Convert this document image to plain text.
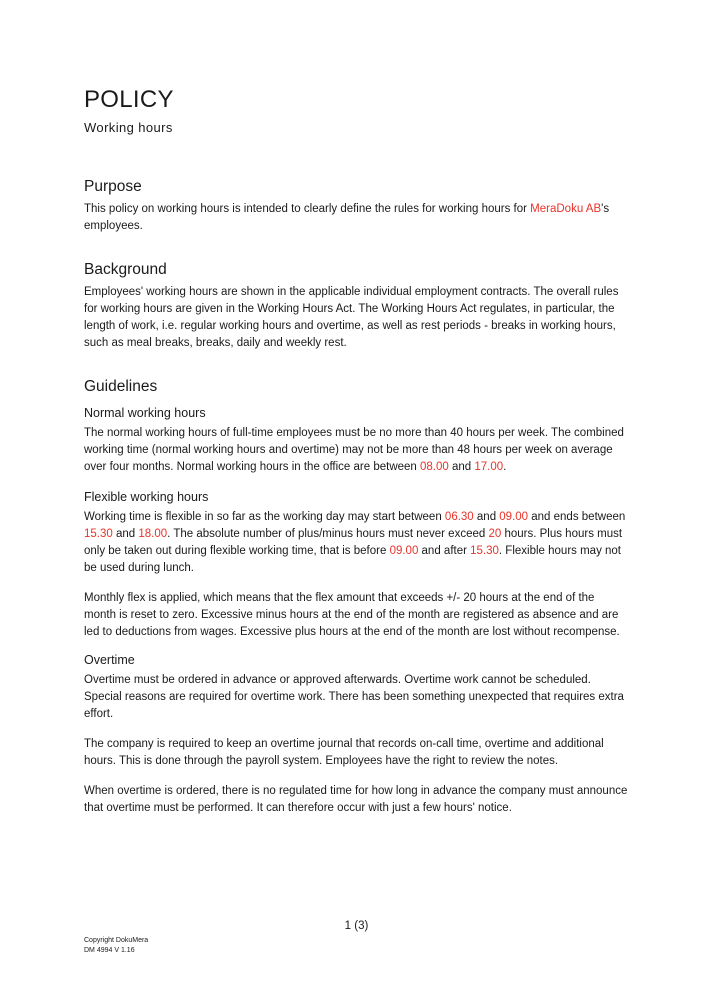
POLICY
Working hours
Purpose

This policy on working hours is intended to clearly define the rules for working hours for MeraDoku AB's employees.

Background

Employees' working hours are shown in the applicable individual employment contracts. The overall rules for working hours are given in the Working Hours Act. The Working Hours Act regulates, in particular, the length of work, i.e. regular working hours and overtime, as well as rest periods - breaks in working hours, such as meal breaks, breaks, daily and weekly rest.

Guidelines
Normal working hours

The normal working hours of full-time employees must be no more than 40 hours per week. The combined working time (normal working hours and overtime) may not be more than 48 hours per week on average over four months. Normal working hours in the office are between 08.00 and 17.00.

Flexible working hours

Working time is flexible in so far as the working day may start between 06.30 and 09.00 and ends between 15.30 and 18.00. The absolute number of plus/minus hours must never exceed 20 hours. Plus hours must only be taken out during flexible working time, that is before 09.00 and after 15.30. Flexible hours may not be used during lunch.

Monthly flex is applied, which means that the flex amount that exceeds +/- 20 hours at the end of the month is reset to zero. Excessive minus hours at the end of the month are registered as absence and are led to deductions from wages. Excessive plus hours at the end of the month are lost without recompense.

Overtime

Overtime must be ordered in advance or approved afterwards. Overtime work cannot be scheduled. Special reasons are required for overtime work. There has been something unexpected that requires extra effort.

The company is required to keep an overtime journal that records on-call time, overtime and additional hours. This is done through the payroll system. Employees have the right to review the notes.

When overtime is ordered, there is no regulated time for how long in advance the company must announce that overtime must be performed. It can therefore occur with just a few hours' notice.

1 (3)
Copyright DokuMera
DM 4994 V 1.16
